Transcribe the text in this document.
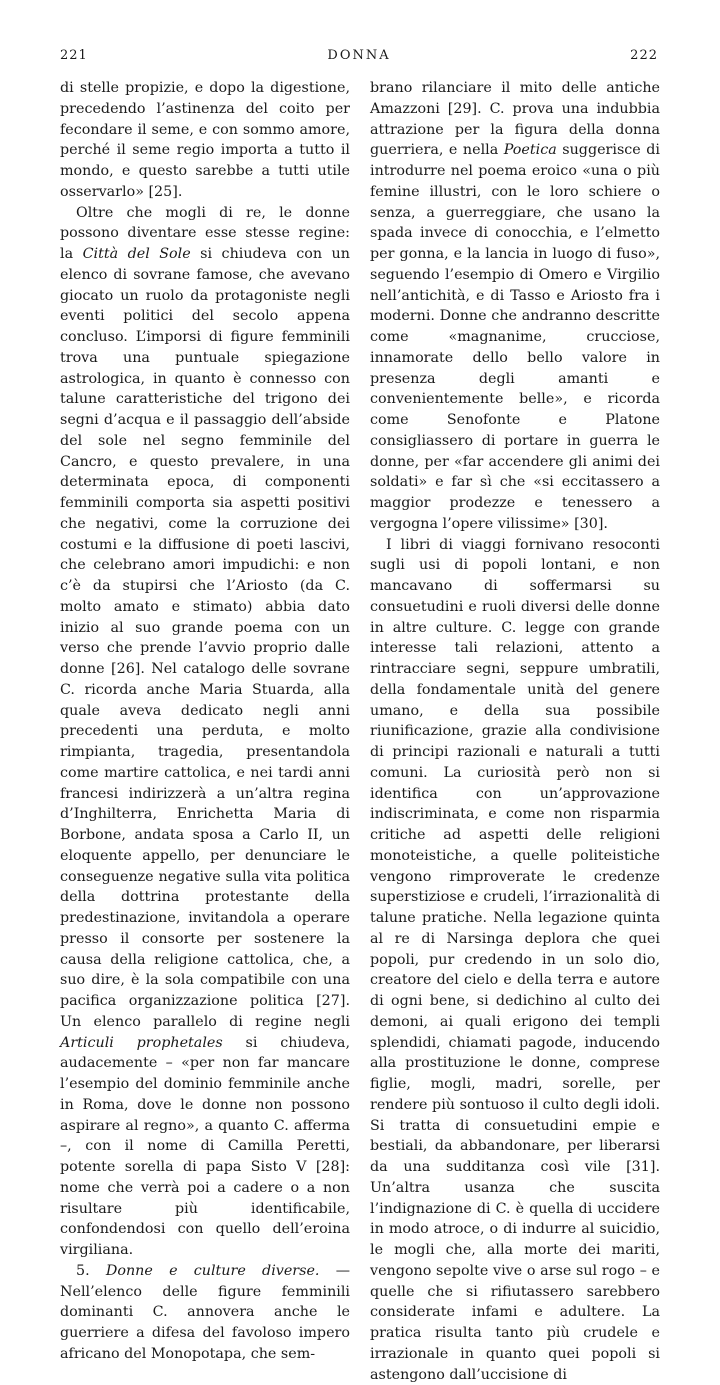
221	DONNA	222

di stelle propizie, e dopo la digestione, precedendo l’astinenza del coito per fecondare il seme, e con sommo amore, perché il seme regio importa a tutto il mondo, e questo sarebbe a tutti utile osservarlo» [25].

Oltre che mogli di re, le donne possono diventare esse stesse regine: la Città del Sole si chiudeva con un elenco di sovrane famose, che avevano giocato un ruolo da protagoniste negli eventi politici del secolo appena concluso. L’imporsi di figure femminili trova una puntuale spiegazione astrologica, in quanto è connesso con talune caratteristiche del trigono dei segni d’acqua e il passaggio dell’abside del sole nel segno femminile del Cancro, e questo prevalere, in una determinata epoca, di componenti femminili comporta sia aspetti positivi che negativi, come la corruzione dei costumi e la diffusione di poeti lascivi, che celebrano amori impudichi: e non c’è da stupirsi che l’Ariosto (da C. molto amato e stimato) abbia dato inizio al suo grande poema con un verso che prende l’avvio proprio dalle donne [26]. Nel catalogo delle sovrane C. ricorda anche Maria Stuarda, alla quale aveva dedicato negli anni precedenti una perduta, e molto rimpianta, tragedia, presentandola come martire cattolica, e nei tardi anni francesi indirizzerà a un’altra regina d’Inghilterra, Enrichetta Maria di Borbone, andata sposa a Carlo II, un eloquente appello, per denunciare le conseguenze negative sulla vita politica della dottrina protestante della predestinazione, invitandola a operare presso il consorte per sostenere la causa della religione cattolica, che, a suo dire, è la sola compatibile con una pacifica organizzazione politica [27]. Un elenco parallelo di regine negli Articuli prophetales si chiudeva, audacemente – «per non far mancare l’esempio del dominio femminile anche in Roma, dove le donne non possono aspirare al regno», a quanto C. afferma –, con il nome di Camilla Peretti, potente sorella di papa Sisto V [28]: nome che verrà poi a cadere o a non risultare più identificabile, confondendosi con quello dell’eroina virgiliana.

5. Donne e culture diverse. — Nell’elenco delle figure femminili dominanti C. annovera anche le guerriere a difesa del favoloso impero africano del Monopotapa, che sem-

brano rilanciare il mito delle antiche Amazzoni [29]. C. prova una indubbia attrazione per la figura della donna guerriera, e nella Poetica suggerisce di introdurre nel poema eroico «una o più femine illustri, con le loro schiere o senza, a guerreggiare, che usano la spada invece di conocchia, e l’elmetto per gonna, e la lancia in luogo di fuso», seguendo l’esempio di Omero e Virgilio nell’antichità, e di Tasso e Ariosto fra i moderni. Donne che andranno descritte come «magnanime, crucciose, innamorate dello bello valore in presenza degli amanti e convenientemente belle», e ricorda come Senofonte e Platone consigliassero di portare in guerra le donne, per «far accendere gli animi dei soldati» e far sì che «si eccitassero a maggior prodezze e tenessero a vergogna l’opere vilissime» [30].

I libri di viaggi fornivano resoconti sugli usi di popoli lontani, e non mancavano di soffermarsi su consuetudini e ruoli diversi delle donne in altre culture. C. legge con grande interesse tali relazioni, attento a rintracciare segni, seppure umbratili, della fondamentale unità del genere umano, e della sua possibile riunificazione, grazie alla condivisione di principi razionali e naturali a tutti comuni. La curiosità però non si identifica con un’approvazione indiscriminata, e come non risparmia critiche ad aspetti delle religioni monoteistiche, a quelle politeistiche vengono rimproverate le credenze superstiziose e crudeli, l’irrazionalità di talune pratiche. Nella legazione quinta al re di Narsinga deplora che quei popoli, pur credendo in un solo dio, creatore del cielo e della terra e autore di ogni bene, si dedichino al culto dei demoni, ai quali erigono dei templi splendidi, chiamati pagode, inducendo alla prostituzione le donne, comprese figlie, mogli, madri, sorelle, per rendere più sontuoso il culto degli idoli. Si tratta di consuetudini empie e bestiali, da abbandonare, per liberarsi da una sudditanza così vile [31]. Un’altra usanza che suscita l’indignazione di C. è quella di uccidere in modo atroce, o di indurre al suicidio, le mogli che, alla morte dei mariti, vengono sepolte vive o arse sul rogo – e quelle che si rifiutassero sarebbero considerate infami e adultere. La pratica risulta tanto più crudele e irrazionale in quanto quei popoli si astengono dall’uccisione di
